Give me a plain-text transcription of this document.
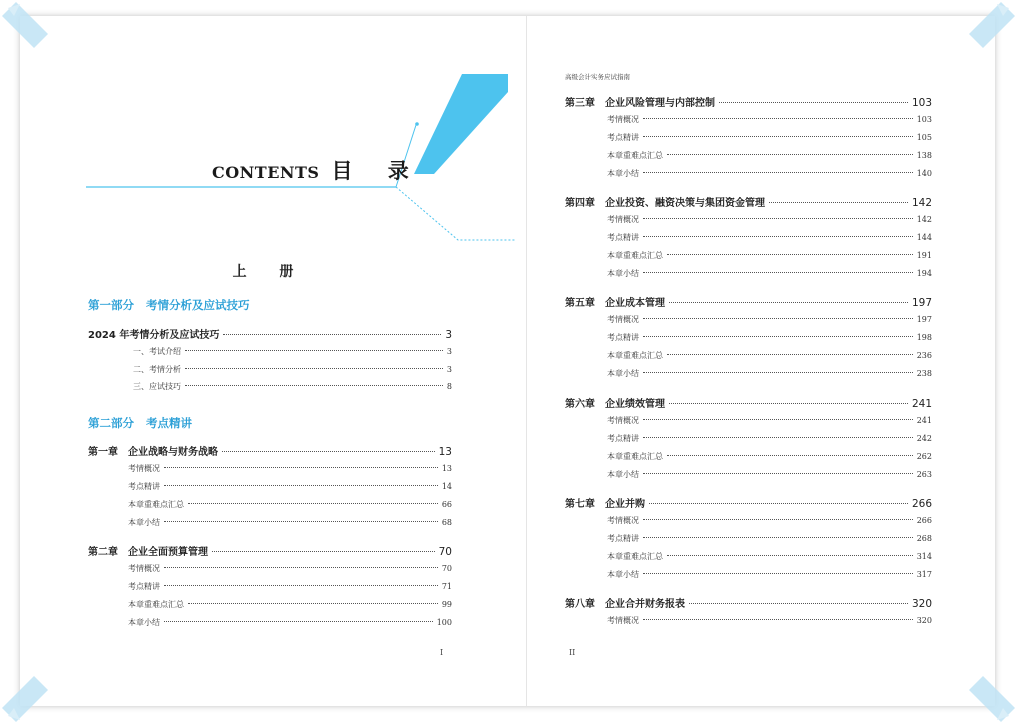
CONTENTS 目 录
上 册
第一部分 考情分析及应试技巧
2024 年考情分析及应试技巧	3
一、考试介绍	3
二、考情分析	3
三、应试技巧	8
第一章 企业战略与财务战略	13
考情概况	13
考点精讲	14
本章重难点汇总	66
本章小结	68
第二章 企业全面预算管理	70
考情概况	70
考点精讲	71
本章重难点汇总	99
本章小结	100
第二部分 考点精讲
I
高级会计实务应试指南
第三章 企业风险管理与内部控制	103
考情概况	103
考点精讲	105
本章重难点汇总	138
本章小结	140
第四章 企业投资、融资决策与集团资金管理	142
考情概况	142
考点精讲	144
本章重难点汇总	191
本章小结	194
第五章 企业成本管理	197
考情概况	197
考点精讲	198
本章重难点汇总	236
本章小结	238
第六章 企业绩效管理	241
考情概况	241
考点精讲	242
本章重难点汇总	262
本章小结	263
第七章 企业并购	266
考情概况	266
考点精讲	268
本章重难点汇总	314
本章小结	317
第八章 企业合并财务报表	320
考情概况	320
II
